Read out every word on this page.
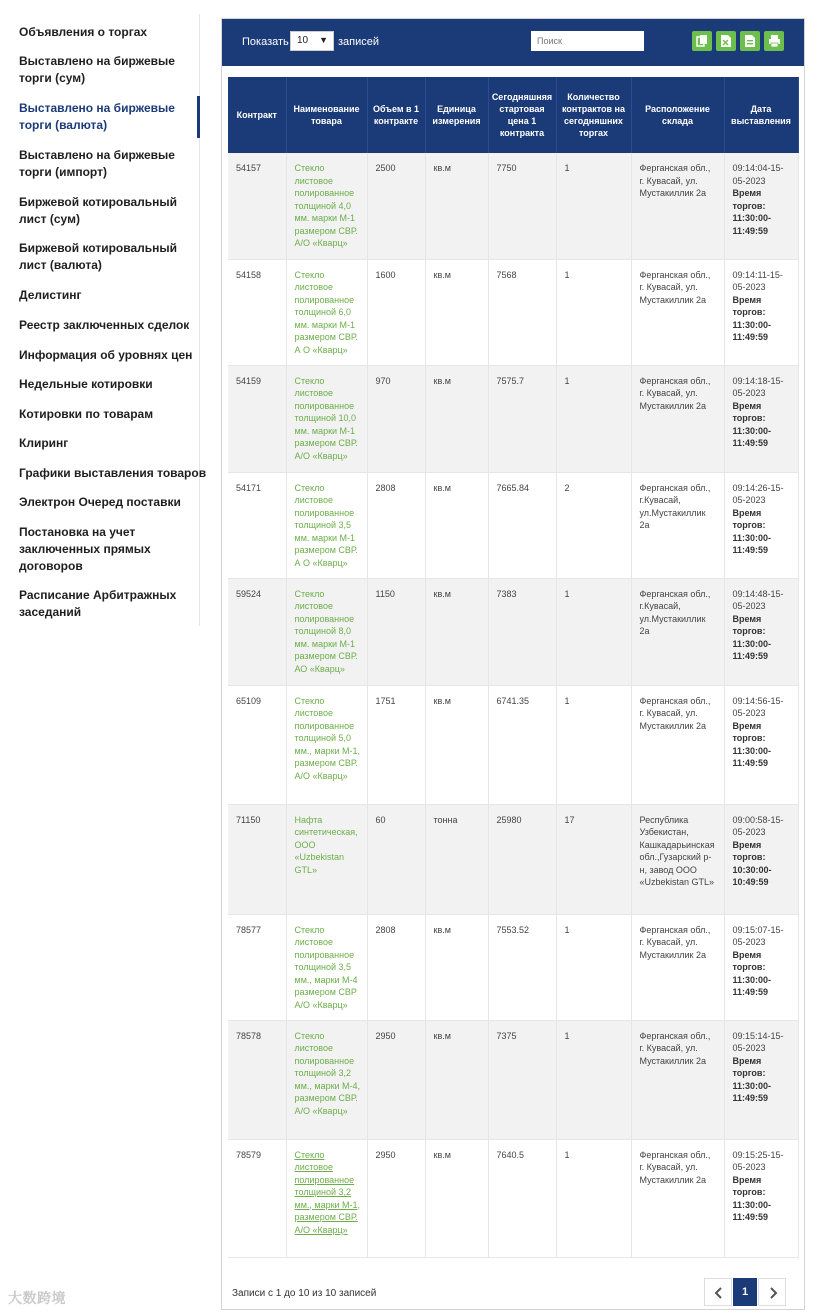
Объявления о торгах
Выставлено на биржевые торги (сум)
Выставлено на биржевые торги (валюта)
Выставлено на биржевые торги (импорт)
Биржевой котировальный лист (сум)
Биржевой котировальный лист (валюта)
Делистинг
Реестр заключенных сделок
Информация об уровнях цен
Недельные котировки
Котировки по товарам
Клиринг
Графики выставления товаров
Электрон Очеред поставки
Постановка на учет заключенных прямых договоров
Расписание Арбитражных заседаний
Показать 10 ▼ записей
Поиск
Контракт	Наименование товара	Объем в 1 контракте	Единица измерения	Сегодняшняя стартовая цена 1 контракта	Количество контрактов на сегодняшних торгах	Расположение склада	Дата выставления
54157	Стекло листовое полированное толщиной 4,0 мм. марки М-1 размером СВР. А/О «Кварц»	2500	кв.м	7750	1	Ферганская обл., г. Кувасай, ул. Мустакиллик 2а	09:14:04-15-05-2023
Время торгов: 11:30:00-11:49:59
54158	Стекло листовое полированное толщиной 6,0 мм. марки М-1 размером СВР. А О «Кварц»	1600	кв.м	7568	1	Ферганская обл., г. Кувасай, ул. Мустакиллик 2а	09:14:11-15-05-2023
Время торгов: 11:30:00-11:49:59
54159	Стекло листовое полированное толщиной 10,0 мм. марки М-1 размером СВР. А/О «Кварц»	970	кв.м	7575.7	1	Ферганская обл., г. Кувасай, ул. Мустакиллик 2а	09:14:18-15-05-2023
Время торгов: 11:30:00-11:49:59
54171	Стекло листовое полированное толщиной 3,5 мм. марки М-1 размером СВР. А О «Кварц»	2808	кв.м	7665.84	2	Ферганская обл., г.Кувасай, ул.Мустакиллик 2а	09:14:26-15-05-2023
Время торгов: 11:30:00-11:49:59
59524	Стекло листовое полированное толщиной 8,0 мм. марки М-1 размером СВР. АО «Кварц»	1150	кв.м	7383	1	Ферганская обл., г.Кувасай, ул.Мустакиллик 2а	09:14:48-15-05-2023
Время торгов: 11:30:00-11:49:59
65109	Стекло листовое полированное толщиной 5,0 мм., марки М-1, размером СВР. А/О «Кварц»	1751	кв.м	6741.35	1	Ферганская обл., г. Кувасай, ул. Мустакиллик 2а	09:14:56-15-05-2023
Время торгов: 11:30:00-11:49:59
71150	Нафта синтетическая, ООО «Uzbekistan GTL»	60	тонна	25980	17	Республика Узбекистан, Кашкадарьинская обл.,Гузарский р-н, завод ООО «Uzbekistan GTL»	09:00:58-15-05-2023
Время торгов: 10:30:00-10:49:59
78577	Стекло листовое полированное толщиной 3,5 мм., марки М-4 размером СВР А/О «Кварц»	2808	кв.м	7553.52	1	Ферганская обл., г. Кувасай, ул. Мустакиллик 2а	09:15:07-15-05-2023
Время торгов: 11:30:00-11:49:59
78578	Стекло листовое полированное толщиной 3,2 мм., марки М-4, размером СВР. А/О «Кварц»	2950	кв.м	7375	1	Ферганская обл., г. Кувасай, ул. Мустакиллик 2а	09:15:14-15-05-2023
Время торгов: 11:30:00-11:49:59
78579	Стекло листовое полированное толщиной 3,2 мм., марки М-1, размером СВР. А/О «Кварц»	2950	кв.м	7640.5	1	Ферганская обл., г. Кувасай, ул. Мустакиллик 2а	09:15:25-15-05-2023
Время торгов: 11:30:00-11:49:59
Записи с 1 до 10 из 10 записей	1
大数跨境
